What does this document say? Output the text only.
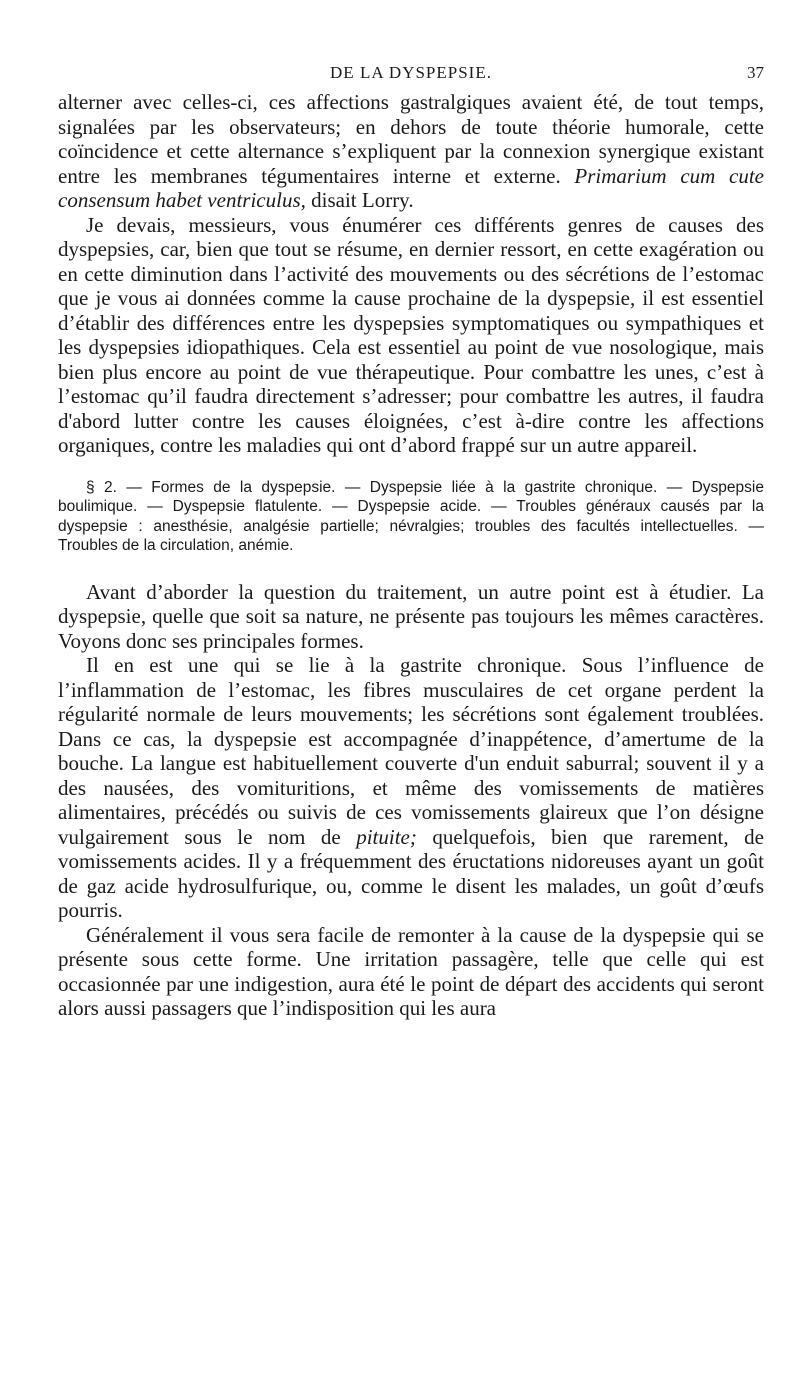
DE LA DYSPEPSIE.	37

alterner avec celles-ci, ces affections gastralgiques avaient été, de tout temps, signalées par les observateurs; en dehors de toute théorie humorale, cette coïncidence et cette alternance s’expliquent par la connexion synergique existant entre les membranes tégumentaires interne et externe. Primarium cum cute consensum habet ventriculus, disait Lorry.

Je devais, messieurs, vous énumérer ces différents genres de causes des dyspepsies, car, bien que tout se résume, en dernier ressort, en cette exagération ou en cette diminution dans l’activité des mouvements ou des sécrétions de l’estomac que je vous ai données comme la cause prochaine de la dyspepsie, il est essentiel d’établir des différences entre les dyspepsies symptomatiques ou sympathiques et les dyspepsies idiopathiques. Cela est essentiel au point de vue nosologique, mais bien plus encore au point de vue thérapeutique. Pour combattre les unes, c’est à l’estomac qu’il faudra directement s’adresser; pour combattre les autres, il faudra d'abord lutter contre les causes éloignées, c’est à-dire contre les affections organiques, contre les maladies qui ont d’abord frappé sur un autre appareil.

§ 2. — Formes de la dyspepsie. — Dyspepsie liée à la gastrite chronique. — Dyspepsie boulimique. — Dyspepsie flatulente. — Dyspepsie acide. — Troubles généraux causés par la dyspepsie : anesthésie, analgésie partielle; névralgies; troubles des facultés intellectuelles. — Troubles de la circulation, anémie.

Avant d’aborder la question du traitement, un autre point est à étudier. La dyspepsie, quelle que soit sa nature, ne présente pas toujours les mêmes caractères. Voyons donc ses principales formes.

Il en est une qui se lie à la gastrite chronique. Sous l’influence de l’inflammation de l’estomac, les fibres musculaires de cet organe perdent la régularité normale de leurs mouvements; les sécrétions sont également troublées. Dans ce cas, la dyspepsie est accompagnée d’inappétence, d’amertume de la bouche. La langue est habituellement couverte d'un enduit saburral; souvent il y a des nausées, des vomituritions, et même des vomissements de matières alimentaires, précédés ou suivis de ces vomissements glaireux que l’on désigne vulgairement sous le nom de pituite; quelquefois, bien que rarement, de vomissements acides. Il y a fréquemment des éructations nidoreuses ayant un goût de gaz acide hydrosulfurique, ou, comme le disent les malades, un goût d’œufs pourris.

Généralement il vous sera facile de remonter à la cause de la dyspepsie qui se présente sous cette forme. Une irritation passagère, telle que celle qui est occasionnée par une indigestion, aura été le point de départ des accidents qui seront alors aussi passagers que l’indisposition qui les aura
